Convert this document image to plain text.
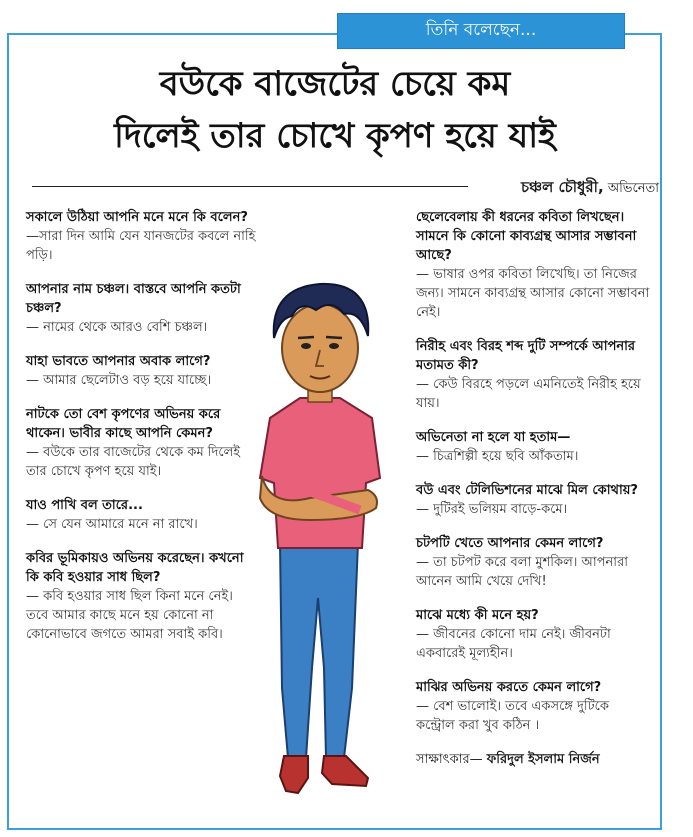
তিনি বলেছেন...
বউকে বাজেটের চেয়ে কম
দিলেই তার চোখে কৃপণ হয়ে যাই
চঞ্চল চৌধুরী, অভিনেতা
সকালে উঠিয়া আপনি মনে মনে কি বলেন?
—সারা দিন আমি যেন যানজটের কবলে নাহি পড়ি।
আপনার নাম চঞ্চল। বাস্তবে আপনি কতটা চঞ্চল?
— নামের থেকে আরও বেশি চঞ্চল।
যাহা ভাবতে আপনার অবাক লাগে?
— আমার ছেলেটাও বড় হয়ে যাচ্ছে।
নাটকে তো বেশ কৃপণের অভিনয় করে থাকেন। ভাবীর কাছে আপনি কেমন?
— বউকে তার বাজেটের থেকে কম দিলেই তার চোখে কৃপণ হয়ে যাই।
যাও পাখি বল তারে...
— সে যেন আমারে মনে না রাখে।
কবির ভূমিকায়ও অভিনয় করেছেন। কখনো কি কবি হওয়ার সাধ ছিল?
— কবি হওয়ার সাধ ছিল কিনা মনে নেই। তবে আমার কাছে মনে হয় কোনো না কোনোভাবে জগতে আমরা সবাই কবি।
ছেলেবেলায় কী ধরনের কবিতা লিখছেন। সামনে কি কোনো কাব্যগ্রন্থ আসার সম্ভাবনা আছে?
— ভাষার ওপর কবিতা লিখেছি। তা নিজের জন্য। সামনে কাব্যগ্রন্থ আসার কোনো সম্ভাবনা নেই।
নিরীহ এবং বিরহ শব্দ দুটি সম্পর্কে আপনার মতামত কী?
— কেউ বিরহে পড়লে এমনিতেই নিরীহ হয়ে যায়।
অভিনেতা না হলে যা হতাম—
— চিত্রশিল্পী হয়ে ছবি আঁকতাম।
বউ এবং টেলিভিশনের মাঝে মিল কোথায়?
— দুটিরই ভলিয়ম বাড়ে-কমে।
চটপটি খেতে আপনার কেমন লাগে?
— তা চটপট করে বলা মুশকিল। আপনারা আনেন আমি খেয়ে দেখি!
মাঝে মধ্যে কী মনে হয়?
— জীবনের কোনো দাম নেই। জীবনটা একবারেই মূল্যহীন।
মাঝির অভিনয় করতে কেমন লাগে?
— বেশ ভালোই। তবে একসঙ্গে দুটিকে কন্ট্রোল করা খুব কঠিন ।
সাক্ষাৎকার— ফরিদুল ইসলাম নির্জন
